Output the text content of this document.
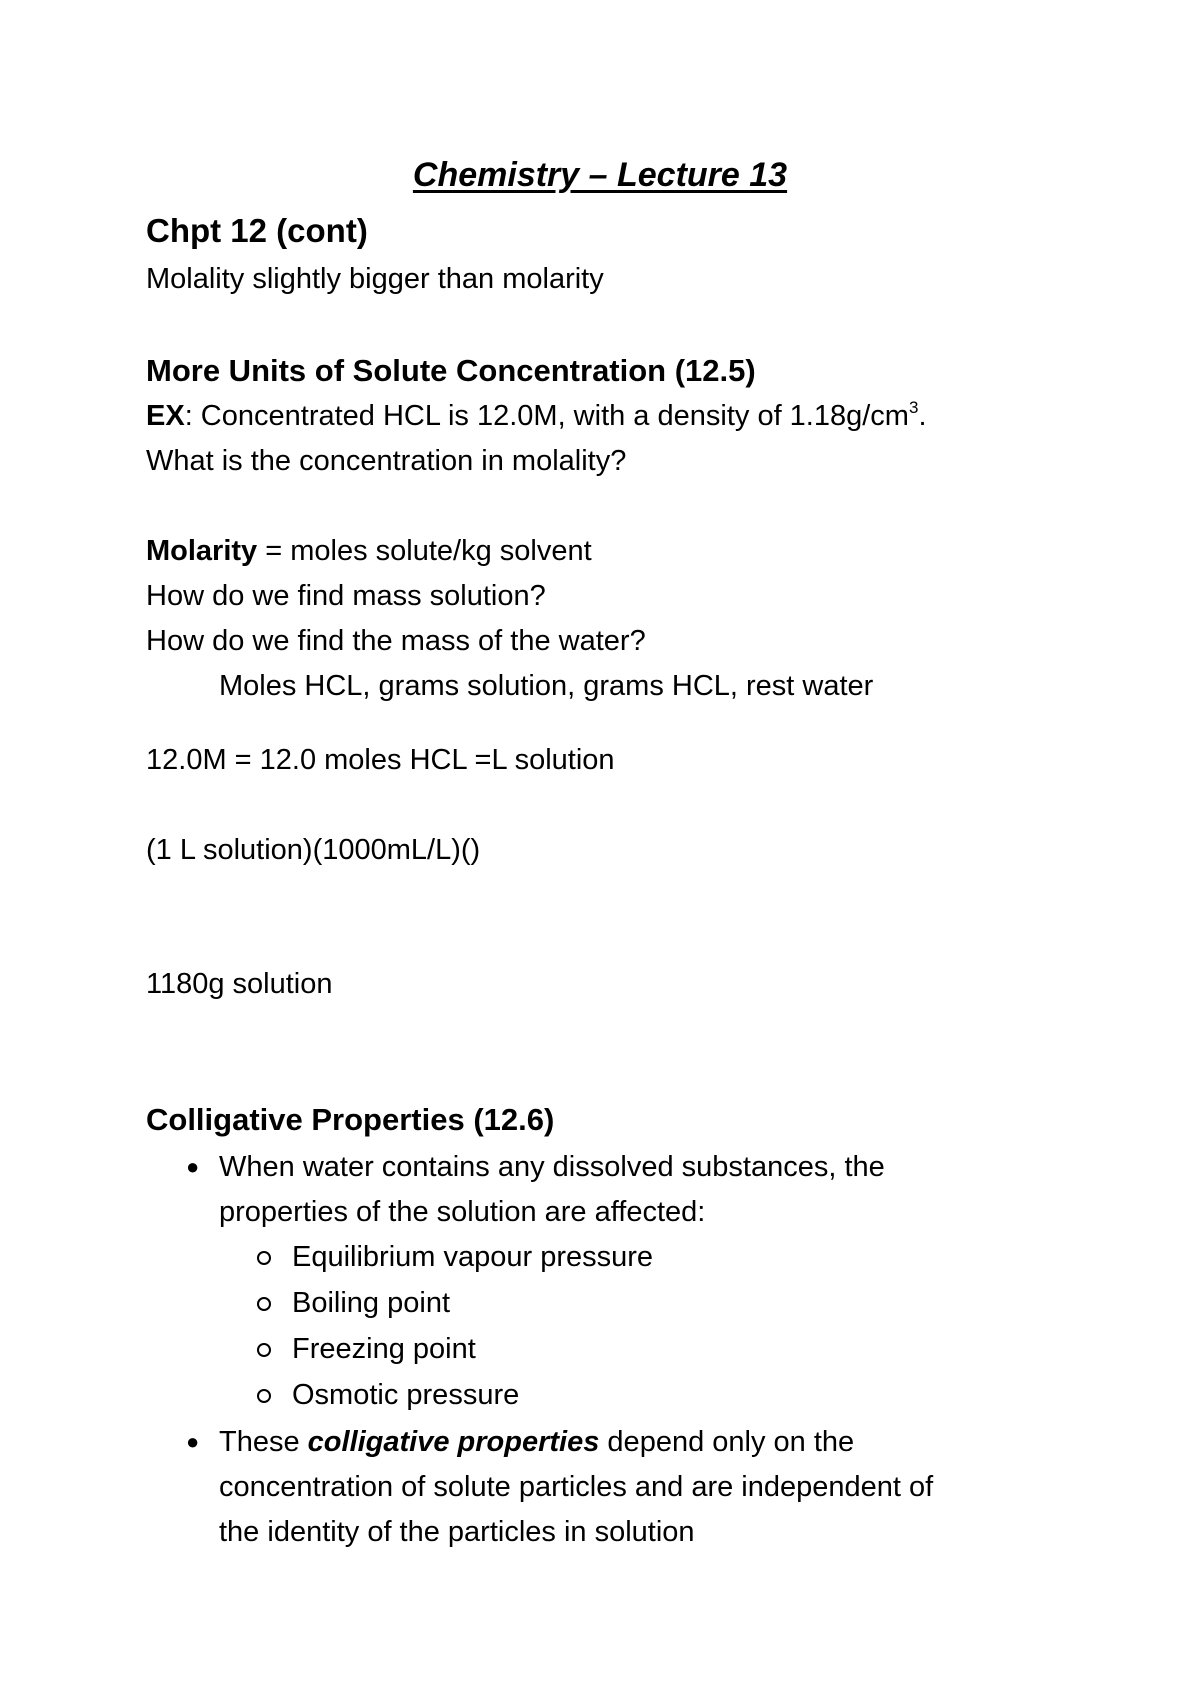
Chemistry – Lecture 13
Chpt 12 (cont)
Molality slightly bigger than molarity
More Units of Solute Concentration (12.5)
EX: Concentrated HCL is 12.0M, with a density of $1.18g/cm^3$.
What is the concentration in molality?
Molarity = moles solute/kg solvent
How do we find mass solution?
How do we find the mass of the water?
Moles HCL, grams solution, grams HCL, rest water
12.0M = 12.0 moles HCL =L solution
(1 L solution)(1000mL/L)()
1180g solution
Colligative Properties (12.6)
● When water contains any dissolved substances, the
properties of the solution are affected:
Equilibrium vapour pressure
Boiling point
Freezing point
Osmotic pressure
● These colligative properties depend only on the
concentration of solute particles and are independent of
the identity of the particles in solution
